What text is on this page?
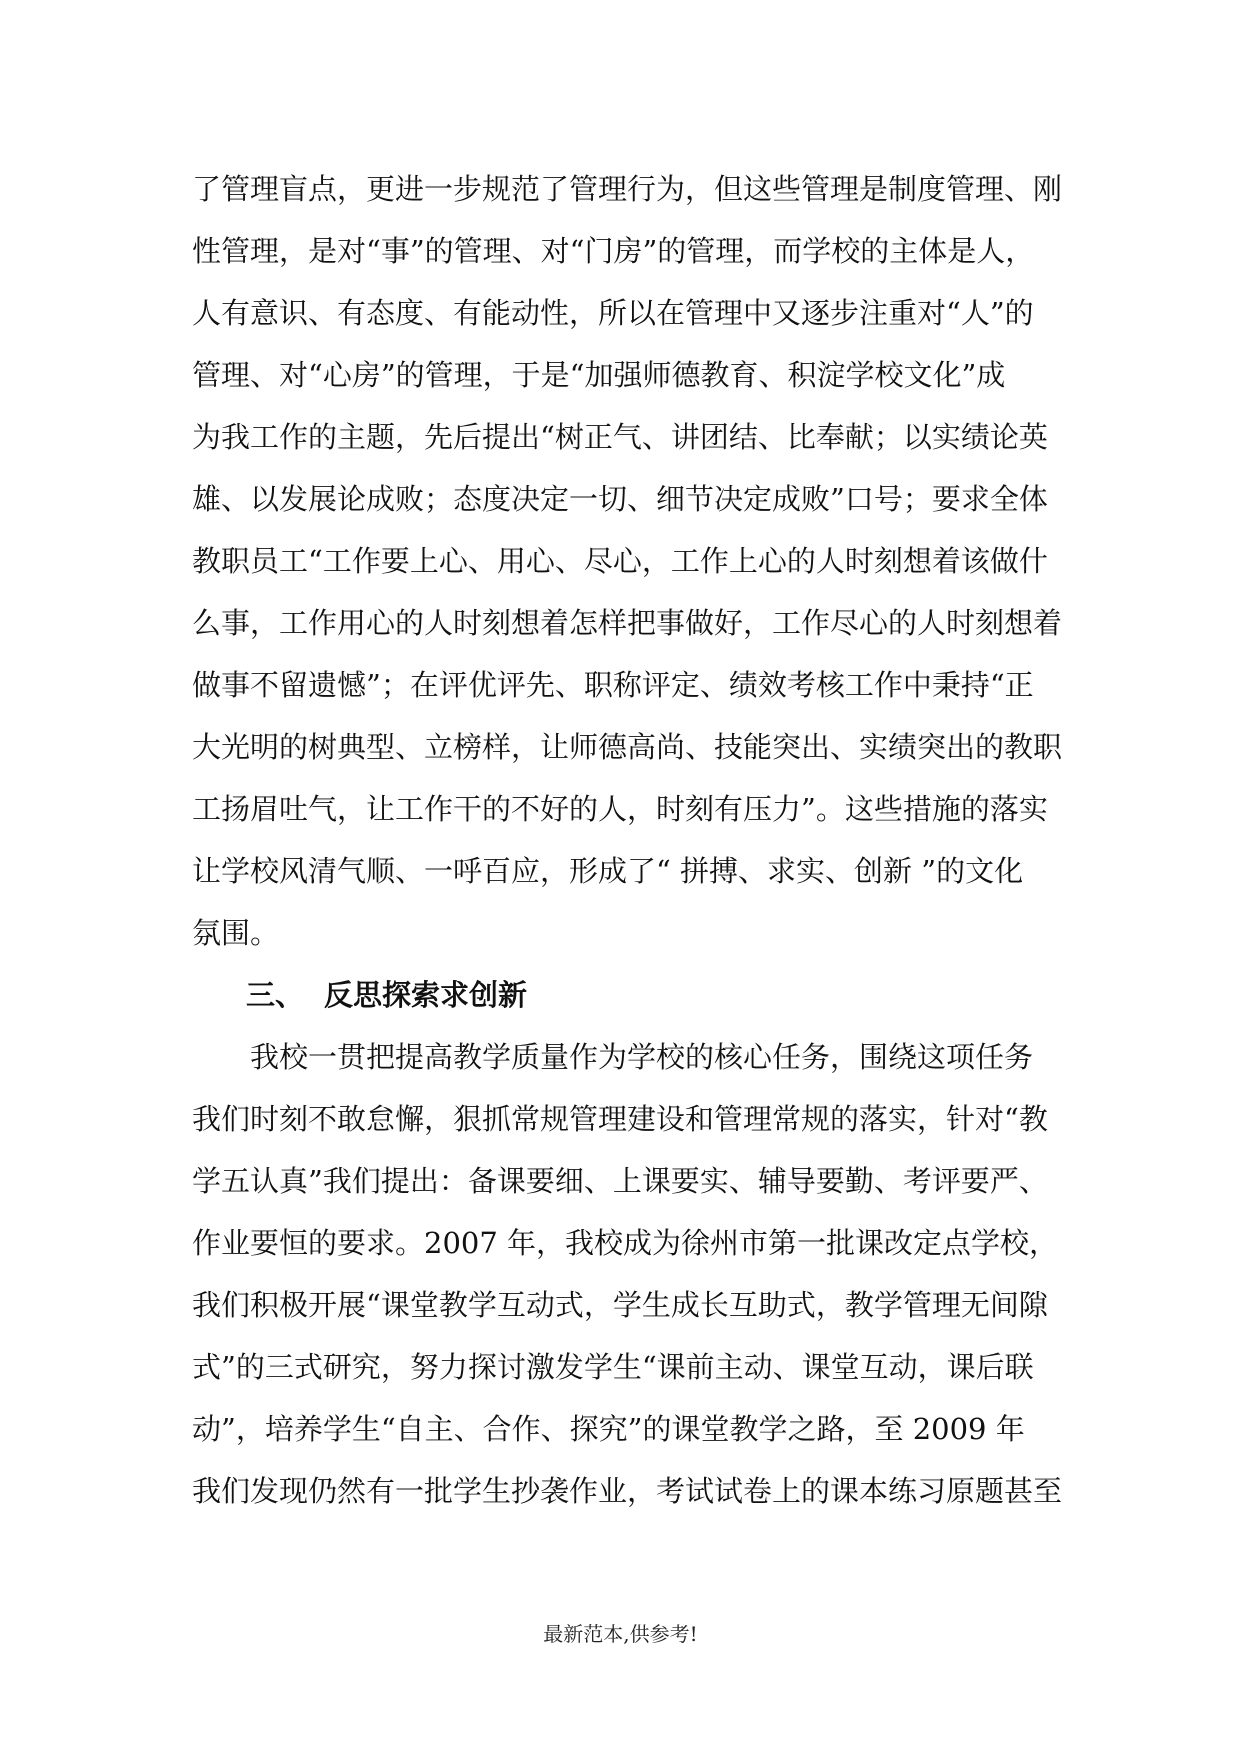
了管理盲点，更进一步规范了管理行为，但这些管理是制度管理、刚
性管理，是对“事”的管理、对“门房”的管理，而学校的主体是人，
人有意识、有态度、有能动性，所以在管理中又逐步注重对“人”的
管理、对“心房”的管理，于是“加强师德教育、积淀学校文化”成
为我工作的主题，先后提出“树正气、讲团结、比奉献；以实绩论英
雄、以发展论成败；态度决定一切、细节决定成败”口号；要求全体
教职员工“工作要上心、用心、尽心，工作上心的人时刻想着该做什
么事，工作用心的人时刻想着怎样把事做好，工作尽心的人时刻想着
做事不留遗憾”；在评优评先、职称评定、绩效考核工作中秉持“正
大光明的树典型、立榜样，让师德高尚、技能突出、实绩突出的教职
工扬眉吐气，让工作干的不好的人，时刻有压力”。这些措施的落实
让学校风清气顺、一呼百应，形成了“ 拼搏、求实、创新 ”的文化
氛围。
三、 反思探索求创新
我校一贯把提高教学质量作为学校的核心任务，围绕这项任务
我们时刻不敢怠懈，狠抓常规管理建设和管理常规的落实，针对“教
学五认真”我们提出：备课要细、上课要实、辅导要勤、考评要严、
作业要恒的要求。2007 年，我校成为徐州市第一批课改定点学校，
我们积极开展“课堂教学互动式，学生成长互助式，教学管理无间隙
式”的三式研究，努力探讨激发学生“课前主动、课堂互动，课后联
动”，培养学生“自主、合作、探究”的课堂教学之路，至 2009 年
我们发现仍然有一批学生抄袭作业，考试试卷上的课本练习原题甚至
最新范本,供参考!
